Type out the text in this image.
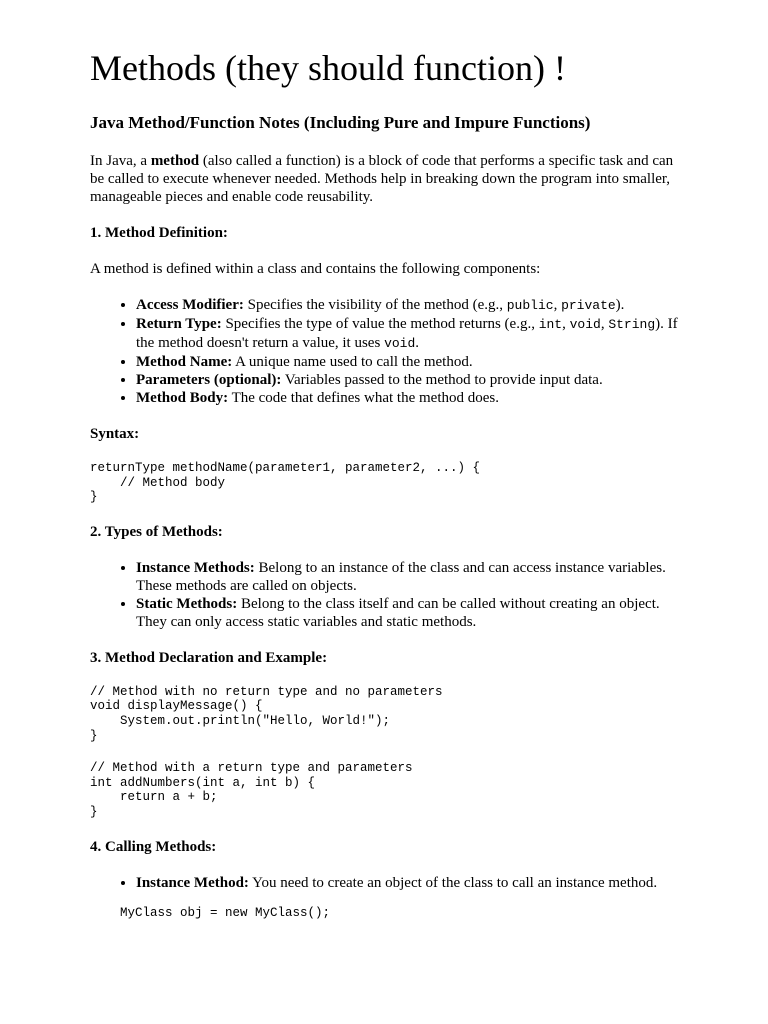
Methods (they should function) !
Java Method/Function Notes (Including Pure and Impure Functions)

In Java, a method (also called a function) is a block of code that performs a specific task and can be called to execute whenever needed. Methods help in breaking down the program into smaller, manageable pieces and enable code reusability.

1. Method Definition:

A method is defined within a class and contains the following components:

• Access Modifier: Specifies the visibility of the method (e.g., public, private).
• Return Type: Specifies the type of value the method returns (e.g., int, void, String). If the method doesn't return a value, it uses void.
• Method Name: A unique name used to call the method.
• Parameters (optional): Variables passed to the method to provide input data.
• Method Body: The code that defines what the method does.
Syntax:
returnType methodName(parameter1, parameter2, ...) {
// Method body
}
2. Types of Methods:
• Instance Methods: Belong to an instance of the class and can access instance variables. These methods are called on objects.
• Static Methods: Belong to the class itself and can be called without creating an object. They can only access static variables and static methods.
3. Method Declaration and Example:
// Method with no return type and no parameters
void displayMessage() {
System.out.println("Hello, World!");
}
// Method with a return type and parameters
int addNumbers(int a, int b) {
return a + b;
}
4. Calling Methods:
• Instance Method: You need to create an object of the class to call an instance method.
MyClass obj = new MyClass();
